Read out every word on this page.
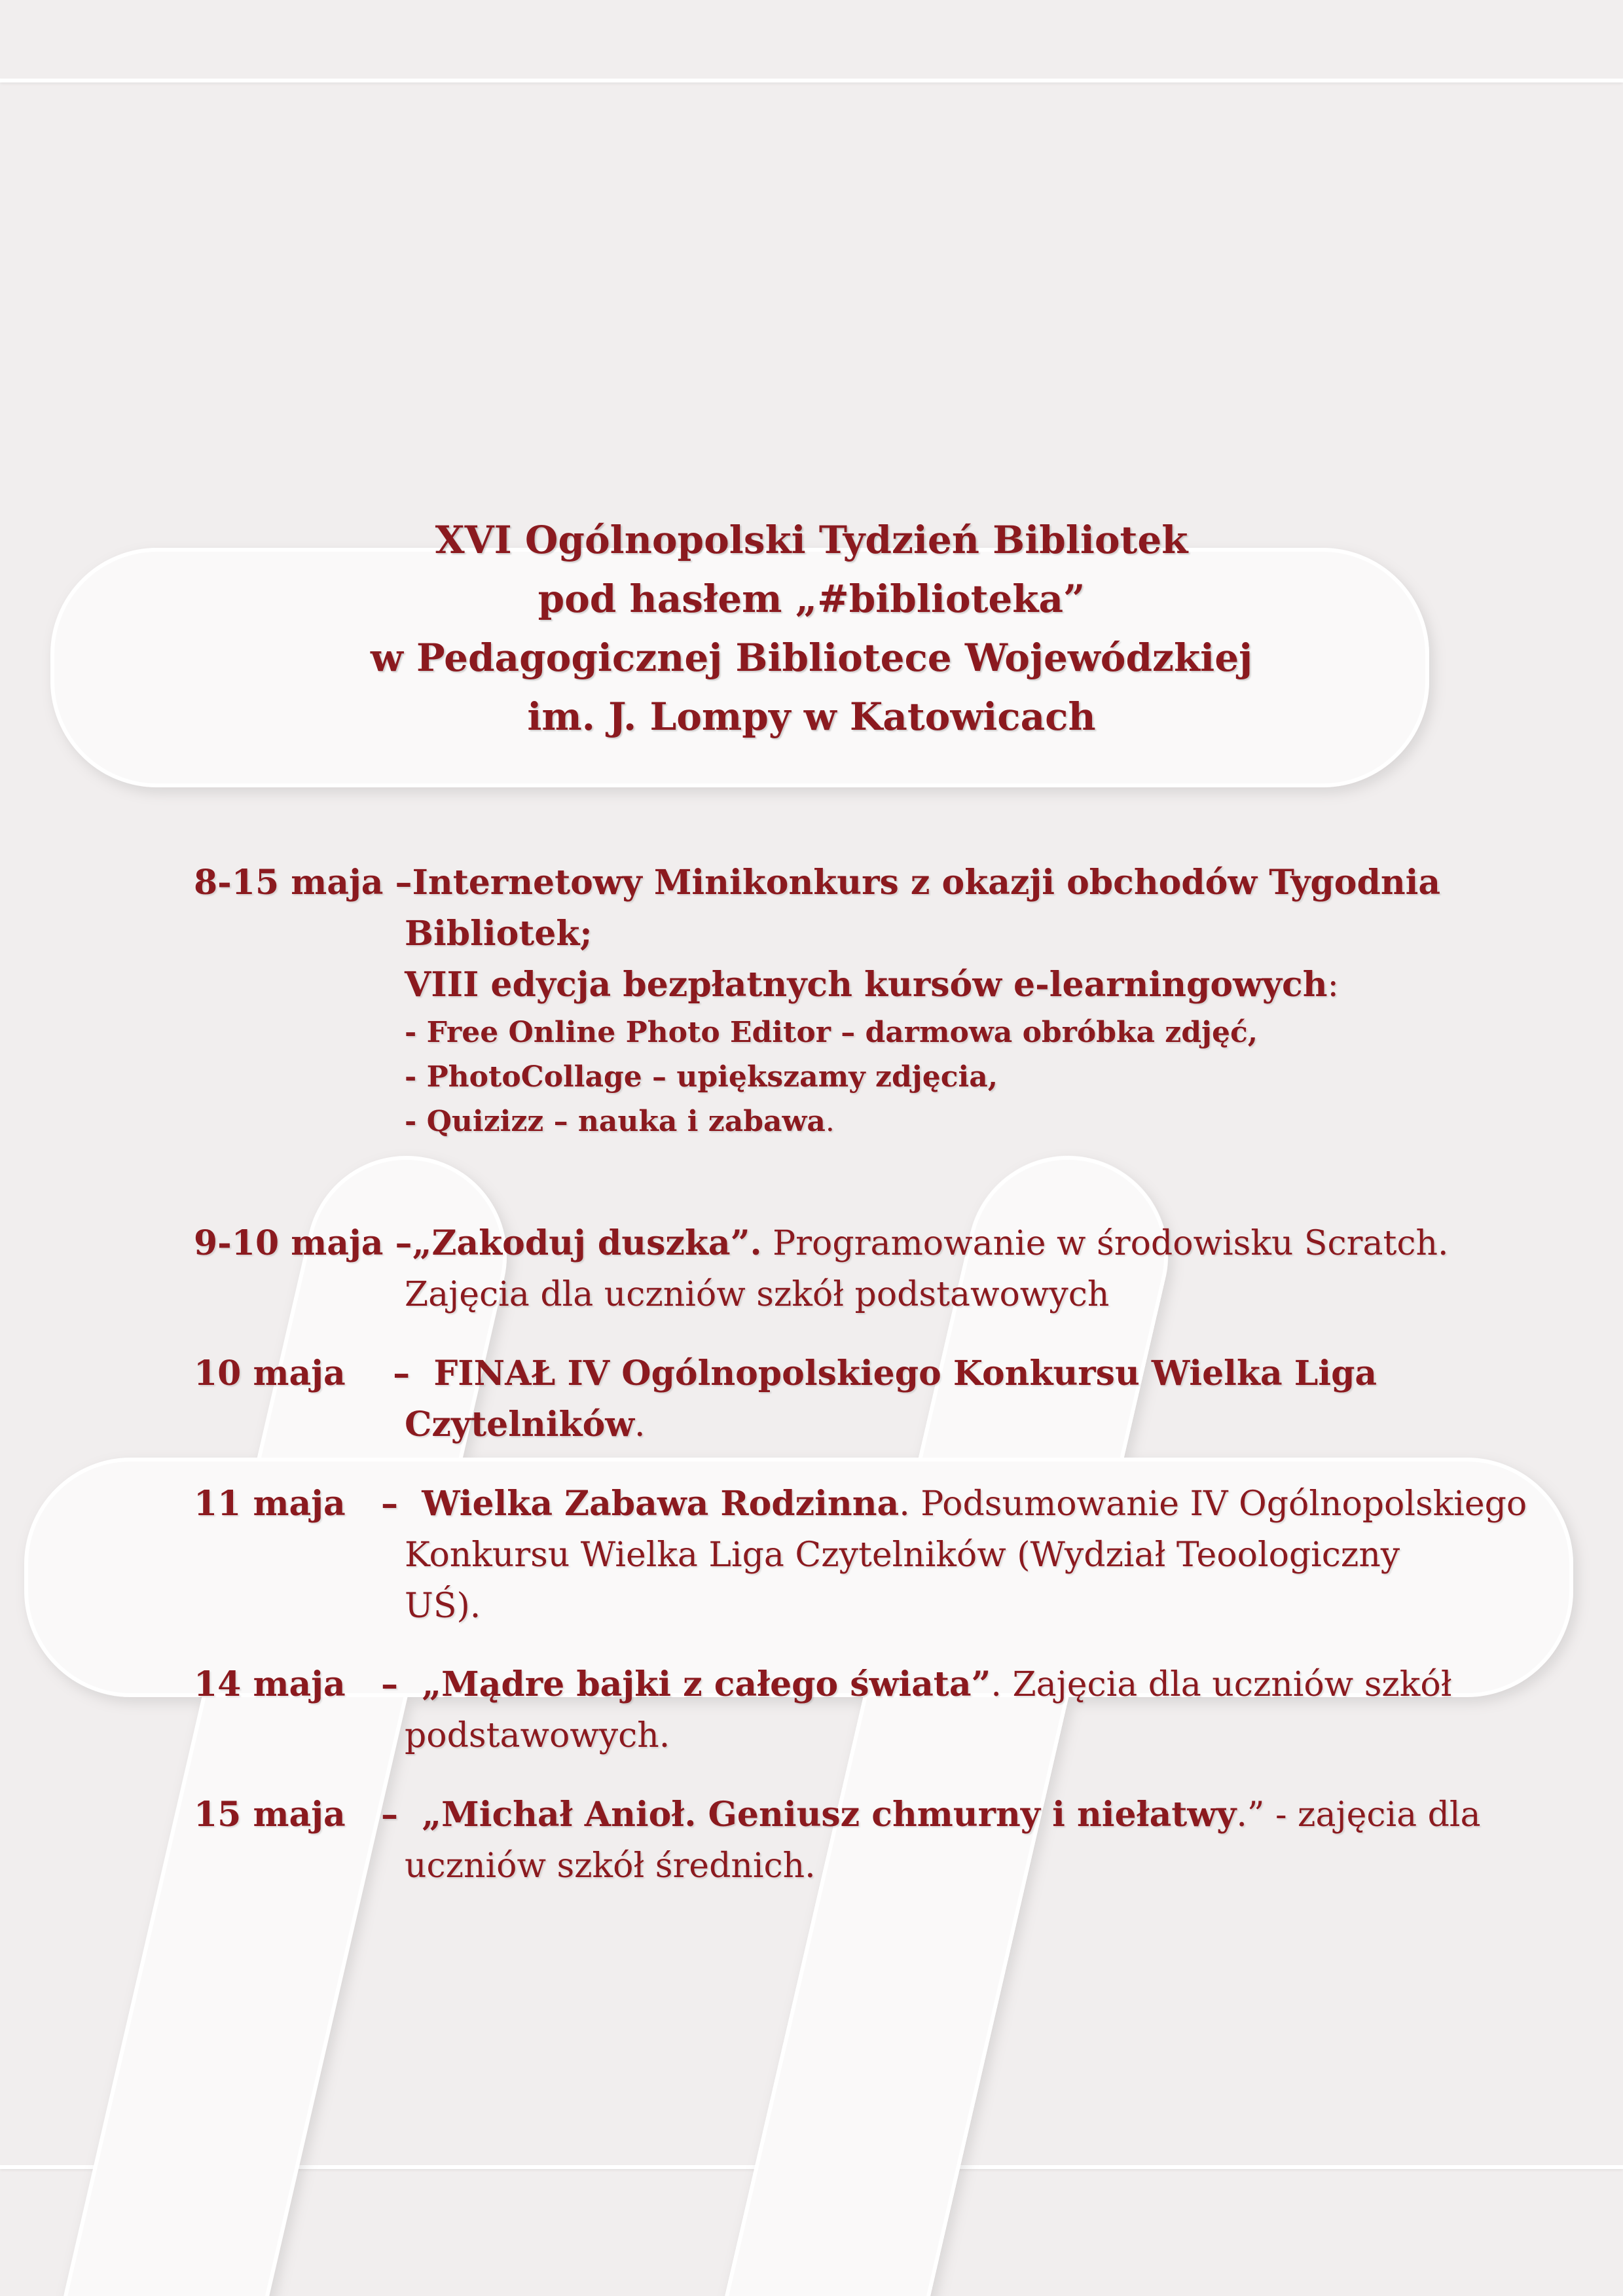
XVI Ogólnopolski Tydzień Bibliotek
pod hasłem „#biblioteka”
w Pedagogicznej Bibliotece Wojewódzkiej
im. J. Lompy w Katowicach
8-15 maja –Internetowy Minikonkurs z okazji obchodów Tygodnia
Bibliotek;
VIII edycja bezpłatnych kursów e-learningowych:
- Free Online Photo Editor – darmowa obróbka zdjęć,
- PhotoCollage – upiększamy zdjęcia,
- Quizizz – nauka i zabawa.
9-10 maja –„Zakoduj duszka”. Programowanie w środowisku Scratch.
Zajęcia dla uczniów szkół podstawowych
10 maja    –  FINAŁ IV Ogólnopolskiego Konkursu Wielka Liga
Czytelników.
11 maja   –  Wielka Zabawa Rodzinna. Podsumowanie IV Ogólnopolskiego
Konkursu Wielka Liga Czytelników (Wydział Teoologiczny
UŚ).
14 maja   –  „Mądre bajki z całego świata”. Zajęcia dla uczniów szkół
podstawowych.
15 maja   –  „Michał Anioł. Geniusz chmurny i niełatwy.” - zajęcia dla
uczniów szkół średnich.
